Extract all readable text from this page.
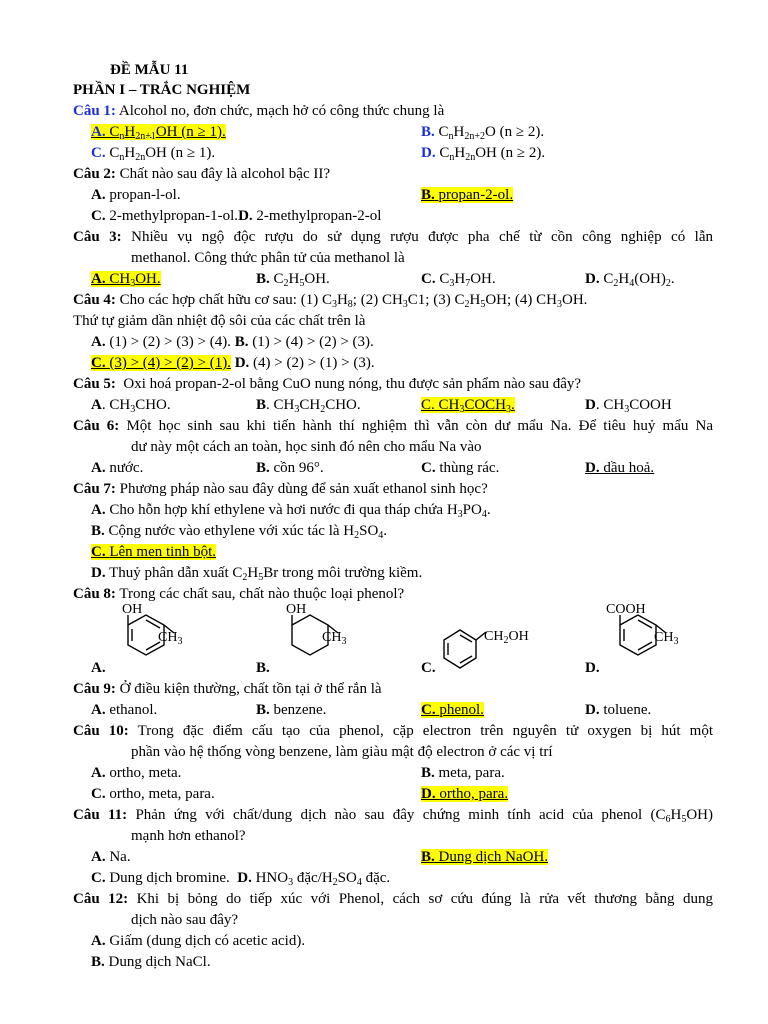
ĐỀ MẪU 11
PHẦN I – TRẮC NGHIỆM
Câu 1: Alcohol no, đơn chức, mạch hở có công thức chung là
A. $C_nH_{2n+1}OH$ (n ≥ 1).	B. $C_nH_{2n+2}O$ (n ≥ 2).
C. $C_nH_{2n}OH$ (n ≥ 1).	D. $C_nH_{2n}OH$ (n ≥ 2).
Câu 2: Chất nào sau đây là alcohol bậc II?
A. propan-l-ol.	B. propan-2-ol.
C. 2-methylpropan-1-ol.D. 2-methylpropan-2-ol
Câu 3: Nhiều vụ ngộ độc rượu do sử dụng rượu được pha chế từ cồn công nghiệp có lẫn
methanol. Công thức phân tử của methanol là
A. $CH_3OH$.	B. $C_2H_5OH$.	C. $C_3H_7OH$.	D. $C_2H_4(OH)_2$.
Câu 4: Cho các hợp chất hữu cơ sau: (1) $C_3H_8$; (2) $CH_3C1$; (3) $C_2H_5OH$; (4) $CH_3OH$.
Thứ tự giảm dần nhiệt độ sôi của các chất trên là
A. (1) > (2) > (3) > (4). B. (1) > (4) > (2) > (3).
C. (3) > (4) > (2) > (1). D. (4) > (2) > (1) > (3).
Câu 5: Oxi hoá propan-2-ol bằng CuO nung nóng, thu được sản phẩm nào sau đây?
A. $CH_3CHO$.	B. $CH_3CH_2CHO$.	C. $CH_3COCH_3$.	D. $CH_3COOH$
Câu 6: Một học sinh sau khi tiến hành thí nghiệm thì vẫn còn dư mẩu Na. Để tiêu huỷ mẩu Na
dư này một cách an toàn, học sinh đó nên cho mẩu Na vào
A. nước.	B. cồn 96°.	C. thùng rác.	D. dầu hoả.
Câu 7: Phương pháp nào sau đây dùng để sản xuất ethanol sinh học?
A. Cho hỗn hợp khí ethylene và hơi nước đi qua tháp chứa $H_3PO_4$.
B. Cộng nước vào ethylene với xúc tác là $H_2SO_4$.
C. Lên men tinh bột.
D. Thuỷ phân dẫn xuất $C_2H_5Br$ trong môi trường kiềm.
Câu 8: Trong các chất sau, chất nào thuộc loại phenol?
A.
OH
$CH_3$
B.
OH
$CH_3$
C.
$CH_2OH$
D.
COOH
$CH_3$
Câu 9: Ở điều kiện thường, chất tồn tại ở thể rắn là
A. ethanol.	B. benzene.	C. phenol.	D. toluene.
Câu 10: Trong đặc điểm cấu tạo của phenol, cặp electron trên nguyên tử oxygen bị hút một
phần vào hệ thống vòng benzene, làm giàu mật độ electron ở các vị trí
A. ortho, meta.	B. meta, para.
C. ortho, meta, para.	D. ortho, para.
Câu 11: Phản ứng với chất/dung dịch nào sau đây chứng minh tính acid của phenol $(C_6H_5OH)$
mạnh hơn ethanol?
A. Na.	B. Dung dịch NaOH.
C. Dung dịch bromine. D. $HNO_3$ đặc/$H_2SO_4$ đặc.
Câu 12: Khi bị bỏng do tiếp xúc với Phenol, cách sơ cứu đúng là rửa vết thương bằng dung
dịch nào sau đây?
A. Giấm (dung dịch có acetic acid).
B. Dung dịch NaCl.
